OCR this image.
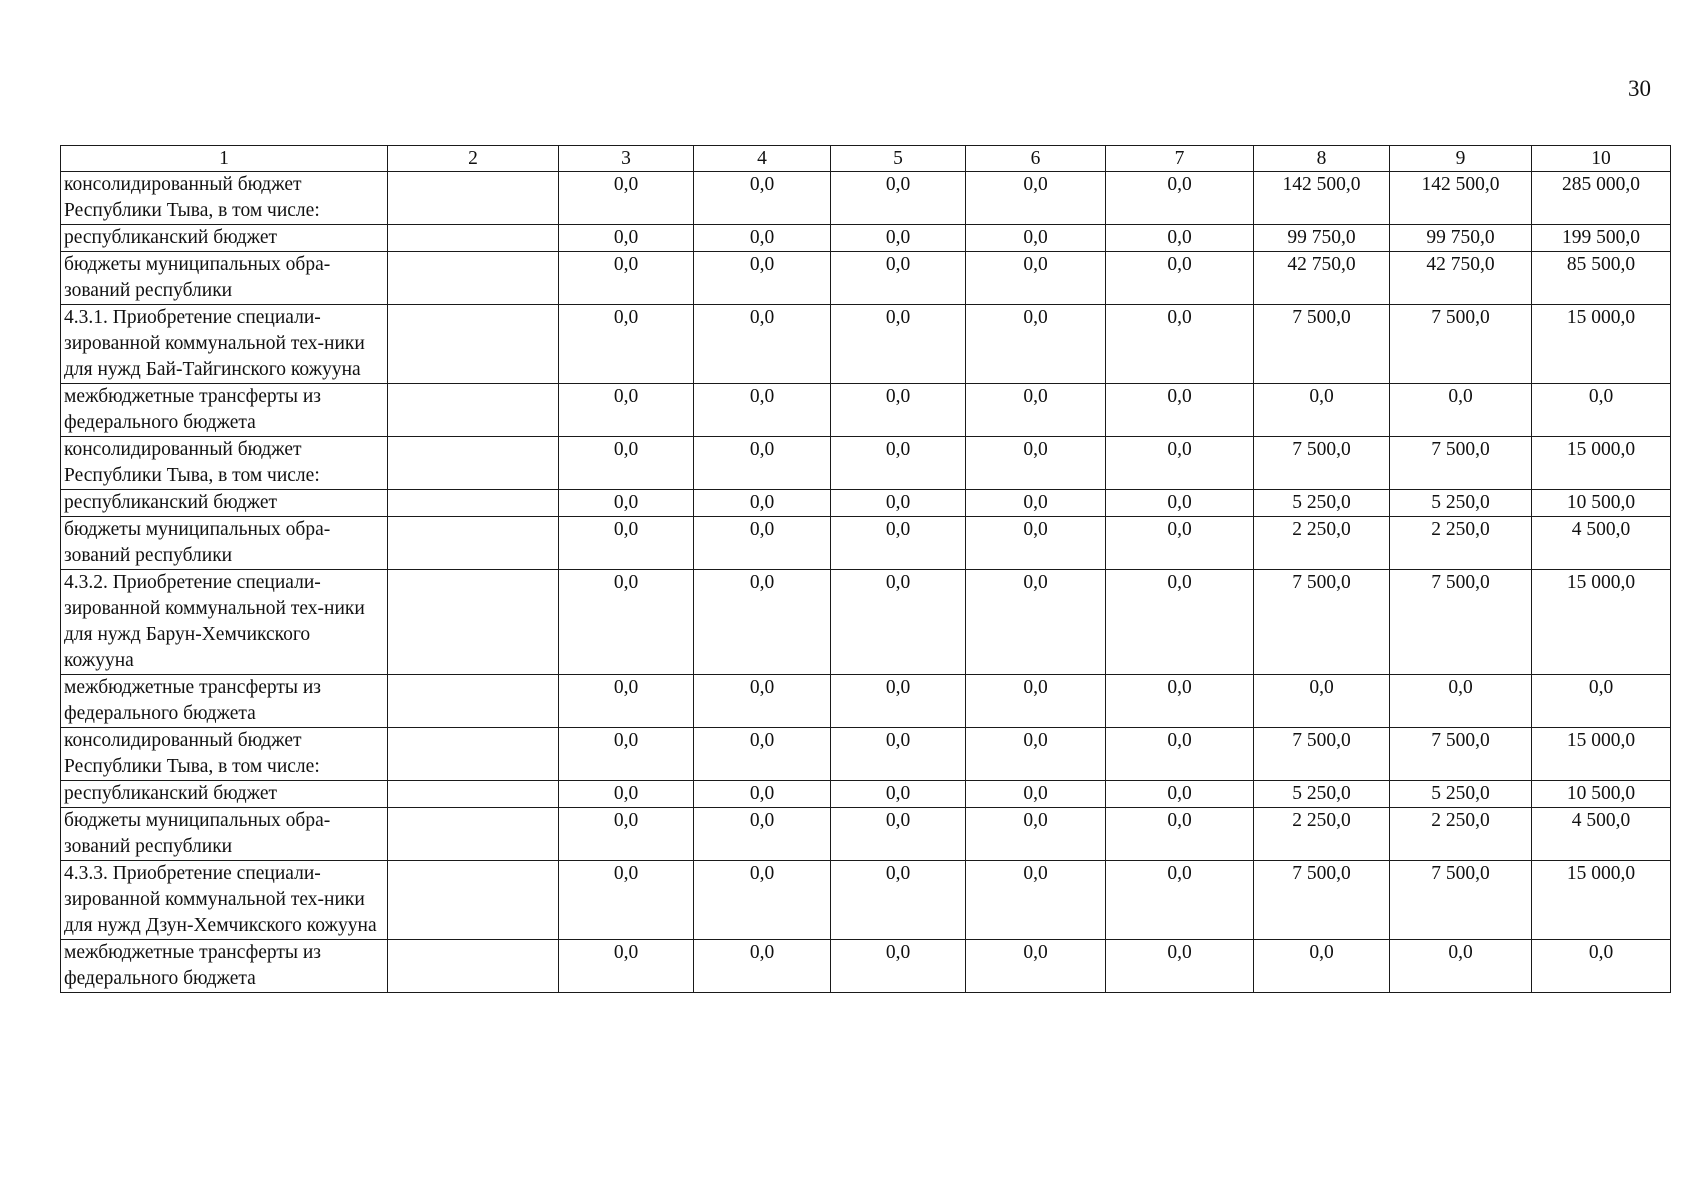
30
1	2	3	4	5	6	7	8	9	10
консолидированный бюджет Республики Тыва, в том числе:		0,0	0,0	0,0	0,0	0,0	142 500,0	142 500,0	285 000,0
республиканский бюджет		0,0	0,0	0,0	0,0	0,0	99 750,0	99 750,0	199 500,0
бюджеты муниципальных обра-зований республики		0,0	0,0	0,0	0,0	0,0	42 750,0	42 750,0	85 500,0
4.3.1. Приобретение специали-зированной коммунальной тех-ники для нужд Бай-Тайгинского кожууна		0,0	0,0	0,0	0,0	0,0	7 500,0	7 500,0	15 000,0
межбюджетные трансферты из федерального бюджета		0,0	0,0	0,0	0,0	0,0	0,0	0,0	0,0
консолидированный бюджет Республики Тыва, в том числе:		0,0	0,0	0,0	0,0	0,0	7 500,0	7 500,0	15 000,0
республиканский бюджет		0,0	0,0	0,0	0,0	0,0	5 250,0	5 250,0	10 500,0
бюджеты муниципальных обра-зований республики		0,0	0,0	0,0	0,0	0,0	2 250,0	2 250,0	4 500,0
4.3.2. Приобретение специали-зированной коммунальной тех-ники для нужд Барун-Хемчикского кожууна		0,0	0,0	0,0	0,0	0,0	7 500,0	7 500,0	15 000,0
межбюджетные трансферты из федерального бюджета		0,0	0,0	0,0	0,0	0,0	0,0	0,0	0,0
консолидированный бюджет Республики Тыва, в том числе:		0,0	0,0	0,0	0,0	0,0	7 500,0	7 500,0	15 000,0
республиканский бюджет		0,0	0,0	0,0	0,0	0,0	5 250,0	5 250,0	10 500,0
бюджеты муниципальных обра-зований республики		0,0	0,0	0,0	0,0	0,0	2 250,0	2 250,0	4 500,0
4.3.3. Приобретение специали-зированной коммунальной тех-ники для нужд Дзун-Хемчикского кожууна		0,0	0,0	0,0	0,0	0,0	7 500,0	7 500,0	15 000,0
межбюджетные трансферты из федерального бюджета		0,0	0,0	0,0	0,0	0,0	0,0	0,0	0,0
